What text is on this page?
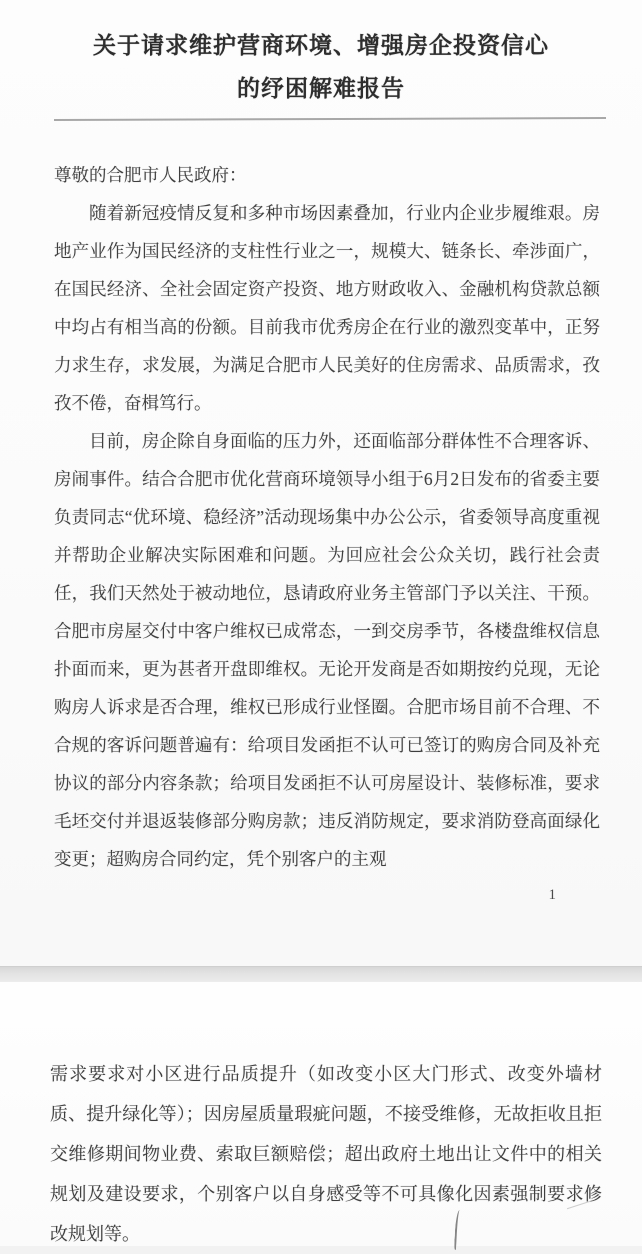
关于请求维护营商环境、增强房企投资信心
的纾困解难报告
尊敬的合肥市人民政府：

随着新冠疫情反复和多种市场因素叠加，行业内企业步履维艰。房地产业作为国民经济的支柱性行业之一，规模大、链条长、牵涉面广，在国民经济、全社会固定资产投资、地方财政收入、金融机构贷款总额中均占有相当高的份额。目前我市优秀房企在行业的激烈变革中，正努力求生存，求发展，为满足合肥市人民美好的住房需求、品质需求，孜孜不倦，奋楫笃行。

目前，房企除自身面临的压力外，还面临部分群体性不合理客诉、房闹事件。结合合肥市优化营商环境领导小组于6月2日发布的省委主要负责同志“优环境、稳经济”活动现场集中办公公示，省委领导高度重视并帮助企业解决实际困难和问题。为回应社会公众关切，践行社会责任，我们天然处于被动地位，恳请政府业务主管部门予以关注、干预。合肥市房屋交付中客户维权已成常态，一到交房季节，各楼盘维权信息扑面而来，更为甚者开盘即维权。无论开发商是否如期按约兑现，无论购房人诉求是否合理，维权已形成行业怪圈。合肥市场目前不合理、不合规的客诉问题普遍有：给项目发函拒不认可已签订的购房合同及补充协议的部分内容条款；给项目发函拒不认可房屋设计、装修标准，要求毛坯交付并退返装修部分购房款；违反消防规定，要求消防登高面绿化变更；超购房合同约定，凭个别客户的主观

1

需求要求对小区进行品质提升（如改变小区大门形式、改变外墙材质、提升绿化等）；因房屋质量瑕疵问题，不接受维修，无故拒收且拒交维修期间物业费、索取巨额赔偿；超出政府土地出让文件中的相关规划及建设要求，个别客户以自身感受等不可具像化因素强制要求修改规划等。
